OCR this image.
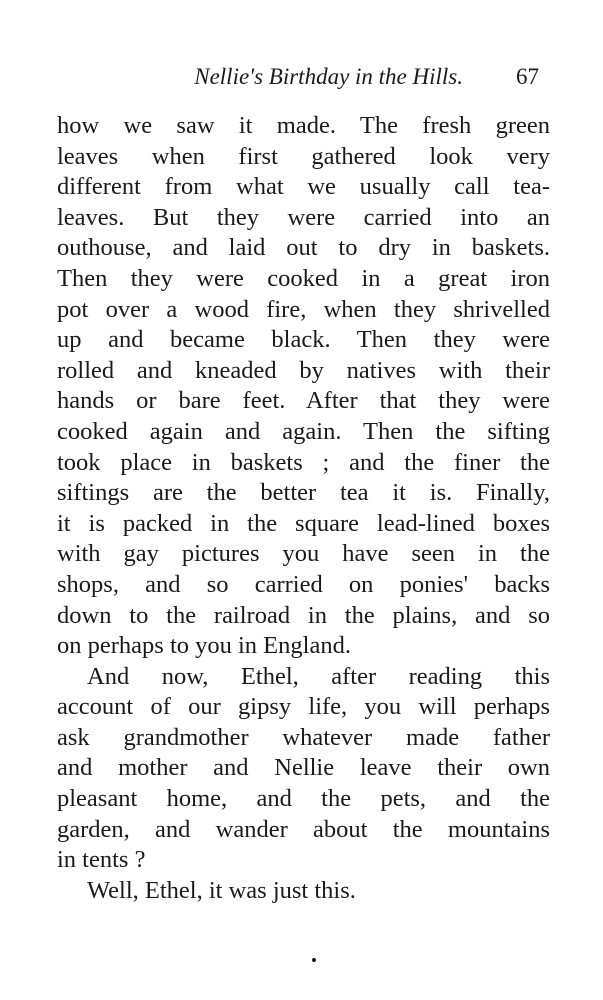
Nellie's Birthday in the Hills. 67
how we saw it made. The fresh green
leaves when first gathered look very
different from what we usually call tea-
leaves. But they were carried into an
outhouse, and laid out to dry in baskets.
Then they were cooked in a great iron
pot over a wood fire, when they shrivelled
up and became black. Then they were
rolled and kneaded by natives with their
hands or bare feet. After that they were
cooked again and again. Then the sifting
took place in baskets ; and the finer the
siftings are the better tea it is. Finally,
it is packed in the square lead-lined boxes
with gay pictures you have seen in the
shops, and so carried on ponies' backs
down to the railroad in the plains, and so
on perhaps to you in England.
And now, Ethel, after reading this
account of our gipsy life, you will perhaps
ask grandmother whatever made father
and mother and Nellie leave their own
pleasant home, and the pets, and the
garden, and wander about the mountains
in tents ?
Well, Ethel, it was just this.
